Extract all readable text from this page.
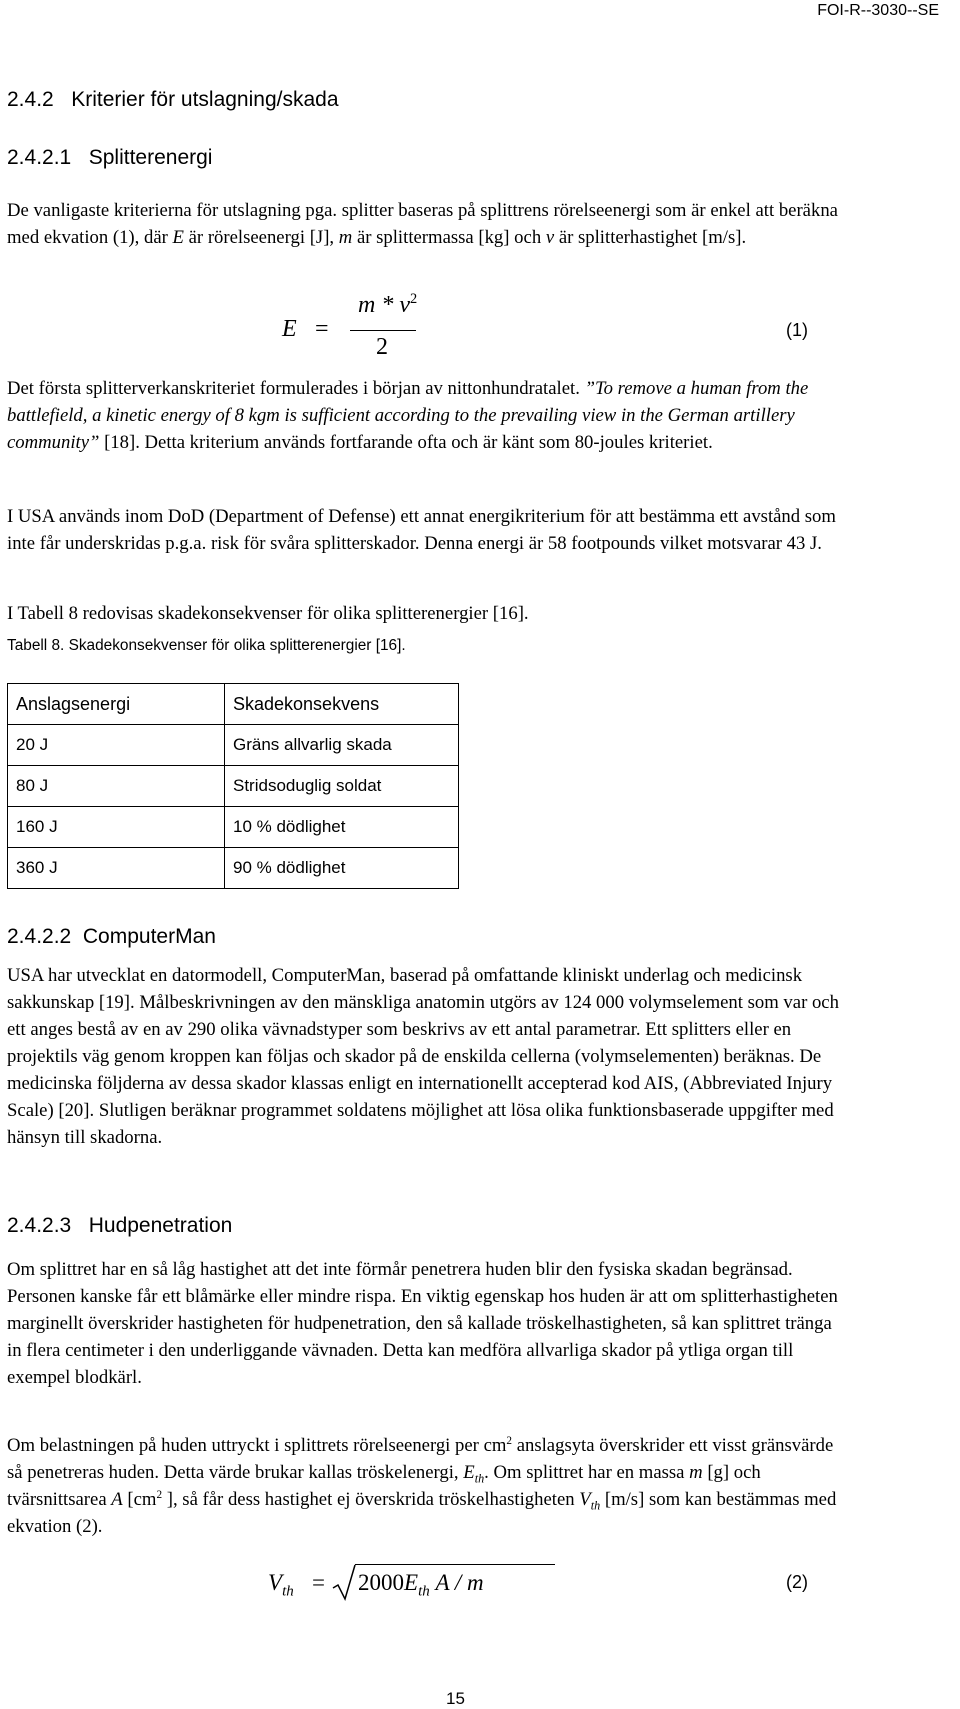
FOI-R--3030--SE
2.4.2   Kriterier för utslagning/skada
2.4.2.1   Splitterenergi

De vanligaste kriterierna för utslagning pga. splitter baseras på splittrens rörelseenergi som är enkel att beräkna med ekvation (1), där E är rörelseenergi [J], m är splittermassa [kg] och v är splitterhastighet [m/s].

E =
m * $v^2$
2
(1)

Det första splitterverkanskriteriet formulerades i början av nittonhundratalet. ”To remove a human from the battlefield, a kinetic energy of 8 kgm is sufficient according to the prevailing view in the German artillery community” [18]. Detta kriterium används fortfarande ofta och är känt som 80-joules kriteriet.

I USA används inom DoD (Department of Defense) ett annat energikriterium för att bestämma ett avstånd som inte får underskridas p.g.a. risk för svåra splitterskador. Denna energi är 58 footpounds vilket motsvarar 43 J.

I Tabell 8 redovisas skadekonsekvenser för olika splitterenergier [16].

Tabell 8. Skadekonsekvenser för olika splitterenergier [16].
Anslagsenergi	Skadekonsekvens
20 J	Gräns allvarlig skada
80 J	Stridsoduglig soldat
160 J	10 % dödlighet
360 J	90 % dödlighet
2.4.2.2  ComputerMan

USA har utvecklat en datormodell, ComputerMan, baserad på omfattande kliniskt underlag och medicinsk sakkunskap [19]. Målbeskrivningen av den mänskliga anatomin utgörs av 124 000 volymselement som var och ett anges bestå av en av 290 olika vävnadstyper som beskrivs av ett antal parametrar. Ett splitters eller en projektils väg genom kroppen kan följas och skador på de enskilda cellerna (volymselementen) beräknas. De medicinska följderna av dessa skador klassas enligt en internationellt accepterad kod AIS, (Abbreviated Injury Scale) [20]. Slutligen beräknar programmet soldatens möjlighet att lösa olika funktionsbaserade uppgifter med hänsyn till skadorna.

2.4.2.3   Hudpenetration

Om splittret har en så låg hastighet att det inte förmår penetrera huden blir den fysiska skadan begränsad. Personen kanske får ett blåmärke eller mindre rispa. En viktig egenskap hos huden är att om splitterhastigheten marginellt överskrider hastigheten för hudpenetration, den så kallade tröskelhastigheten, så kan splittret tränga in flera centimeter i den underliggande vävnaden. Detta kan medföra allvarliga skador på ytliga organ till exempel blodkärl.

Om belastningen på huden uttryckt i splittrets rörelseenergi per $cm^2$ anslagsyta överskrider ett visst gränsvärde så penetreras huden. Detta värde brukar kallas tröskelenergi, $E_{th}$. Om splittret har en massa m [g] och tvärsnittsarea A [$cm^2$ ], så får dess hastighet ej överskrida tröskelhastigheten $V_{th}$ [m/s] som kan bestämmas med ekvation (2).

$V_{th} = 2000E_{th}$ A / m	(2)
15
